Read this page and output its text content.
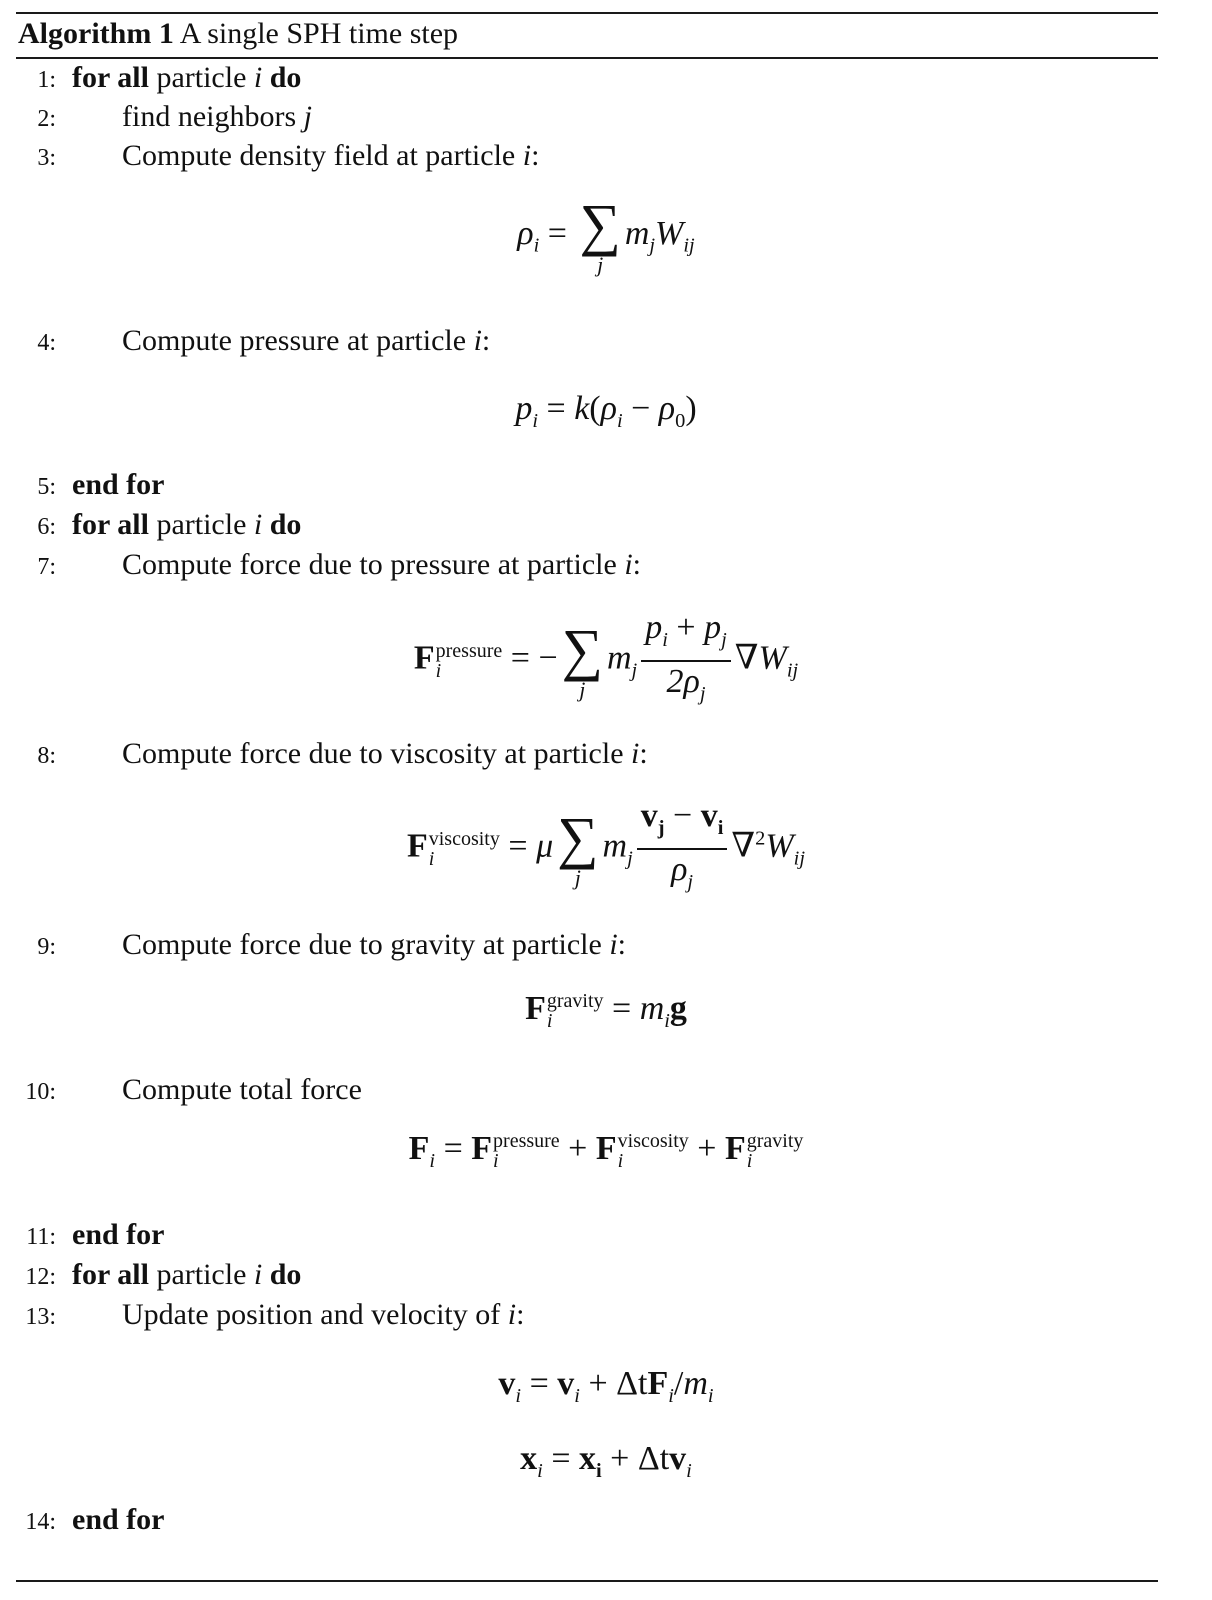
Algorithm 1 A single SPH time step
1: for all particle i do
2: find neighbors j
3: Compute density field at particle i:
$\rho_i$ = ∑
j
$m_jW_{ij}$
4: Compute pressure at particle i:
$p_i = k(\rho_i - \rho_0)$
5: end for
6: for all particle i do
7: Compute force due to pressure at particle i:
F pressure
i	= − ∑
j
$m_j \frac{p_i + p_j}{2\rho_j} \nabla W_{ij}$
8: Compute force due to viscosity at particle i:
F viscosity
i	= μ ∑
j
$m_j \frac{v_j - v_i}{\rho_j} \nabla^2W_{ij}$
9: Compute force due to gravity at particle i:
F gravity
i	= $m_ig$
10: Compute total force
$F_i = F$ pressure
i	+ F viscosity
i	+ F gravity
i
11: end for
12: for all particle i do
13: Update position and velocity of i:
$v_i = v_i + \Delta tF_i/m_i$
$x_i = x_i + \Delta tv_i$
14: end for
